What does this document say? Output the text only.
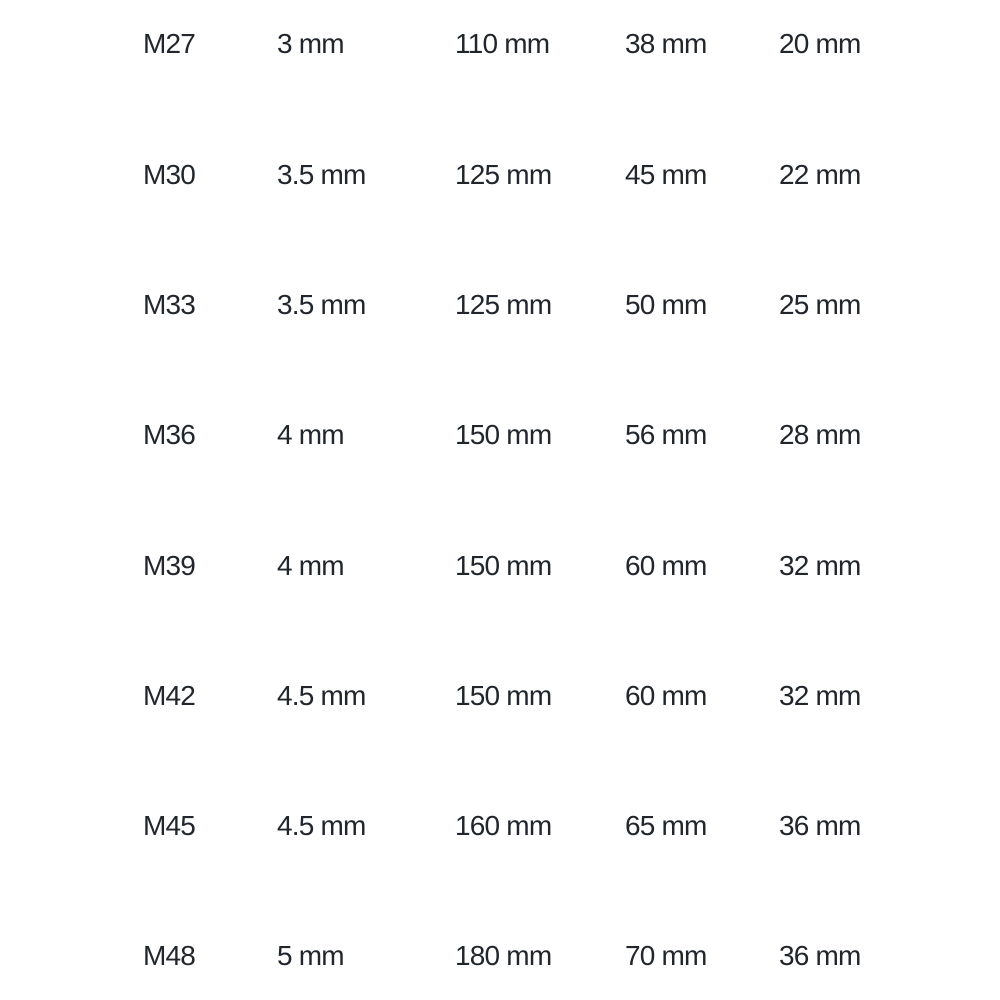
M27	3 mm	110 mm	38 mm	20 mm
M30	3.5 mm	125 mm	45 mm	22 mm
M33	3.5 mm	125 mm	50 mm	25 mm
M36	4 mm	150 mm	56 mm	28 mm
M39	4 mm	150 mm	60 mm	32 mm
M42	4.5 mm	150 mm	60 mm	32 mm
M45	4.5 mm	160 mm	65 mm	36 mm
M48	5 mm	180 mm	70 mm	36 mm
